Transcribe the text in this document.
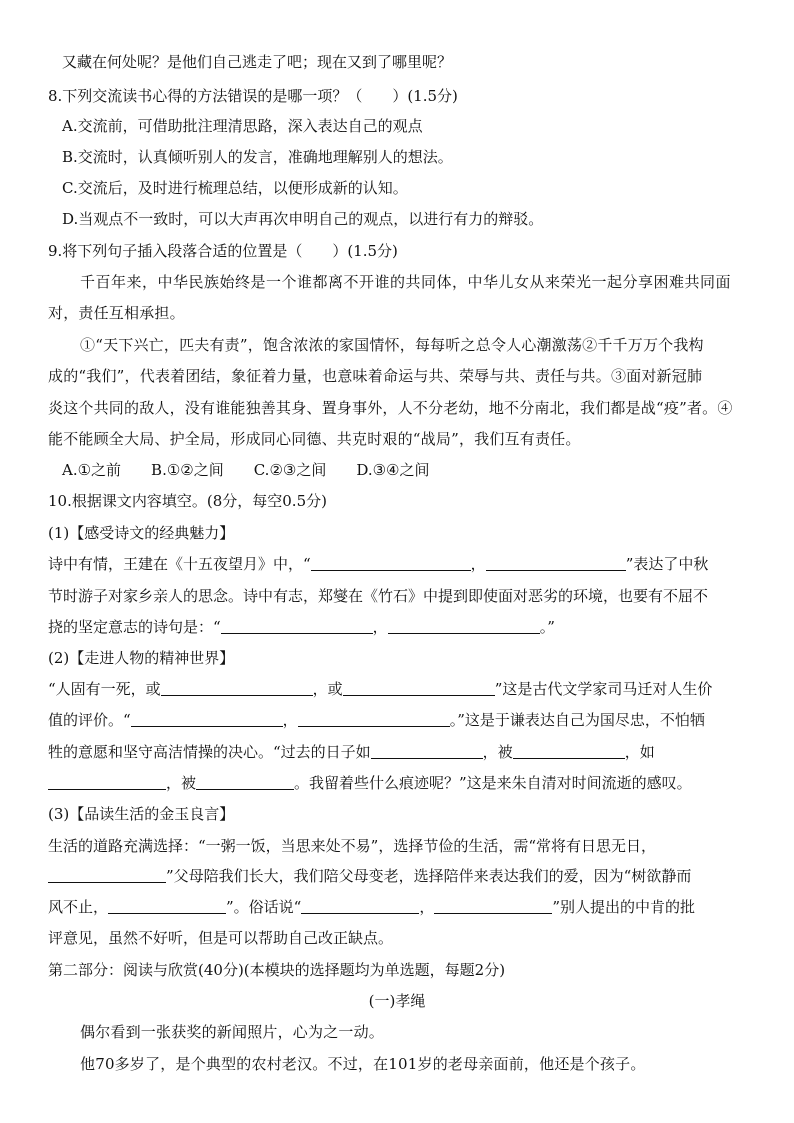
又藏在何处呢？是他们自己逃走了吧；现在又到了哪里呢？
8.下列交流读书心得的方法错误的是哪一项？（　　）(1.5分)
A.交流前，可借助批注理清思路，深入表达自己的观点
B.交流时，认真倾听别人的发言，准确地理解别人的想法。
C.交流后，及时进行梳理总结，以便形成新的认知。
D.当观点不一致时，可以大声再次申明自己的观点，以进行有力的辩驳。
9.将下列句子插入段落合适的位置是（　　）(1.5分)
千百年来，中华民族始终是一个谁都离不开谁的共同体，中华儿女从来荣光一起分享困难共同面
对，责任互相承担。
①“天下兴亡，匹夫有责”，饱含浓浓的家国情怀，每每听之总令人心潮激荡②千千万万个我构
成的“我们”，代表着团结，象征着力量，也意味着命运与共、荣辱与共、责任与共。③面对新冠肺
炎这个共同的敌人，没有谁能独善其身、置身事外，人不分老幼，地不分南北，我们都是战“疫”者。④
能不能顾全大局、护全局，形成同心同德、共克时艰的“战局”，我们互有责任。
A.①之前　　B.①②之间　　C.②③之间　　D.③④之间
10.根据课文内容填空。(8分，每空0.5分)
(1)【感受诗文的经典魅力】
诗中有情，王建在《十五夜望月》中，“	，	”表达了中秋
节时游子对家乡亲人的思念。诗中有志，郑燮在《竹石》中提到即使面对恶劣的环境，也要有不屈不
挠的坚定意志的诗句是：“	，	。”
(2)【走进人物的精神世界】
“人固有一死，或	，或	”这是古代文学家司马迁对人生价
值的评价。“	，	。”这是于谦表达自己为国尽忠，不怕牺
牲的意愿和坚守高洁情操的决心。“过去的日子如	，被	，如
，被	。我留着些什么痕迹呢？”这是来朱自清对时间流逝的感叹。
(3)【品读生活的金玉良言】
生活的道路充满选择：“一粥一饭，当思来处不易”，选择节俭的生活，需“常将有日思无日，
”父母陪我们长大，我们陪父母变老，选择陪伴来表达我们的爱，因为“树欲静而
风不止，	”。俗话说“	，	”别人提出的中肯的批
评意见，虽然不好听，但是可以帮助自己改正缺点。
第二部分：阅读与欣赏(40分)(本模块的选择题均为单选题，每题2分)
(一)孝绳
偶尔看到一张获奖的新闻照片，心为之一动。
他70多岁了，是个典型的农村老汉。不过，在101岁的老母亲面前，他还是个孩子。
